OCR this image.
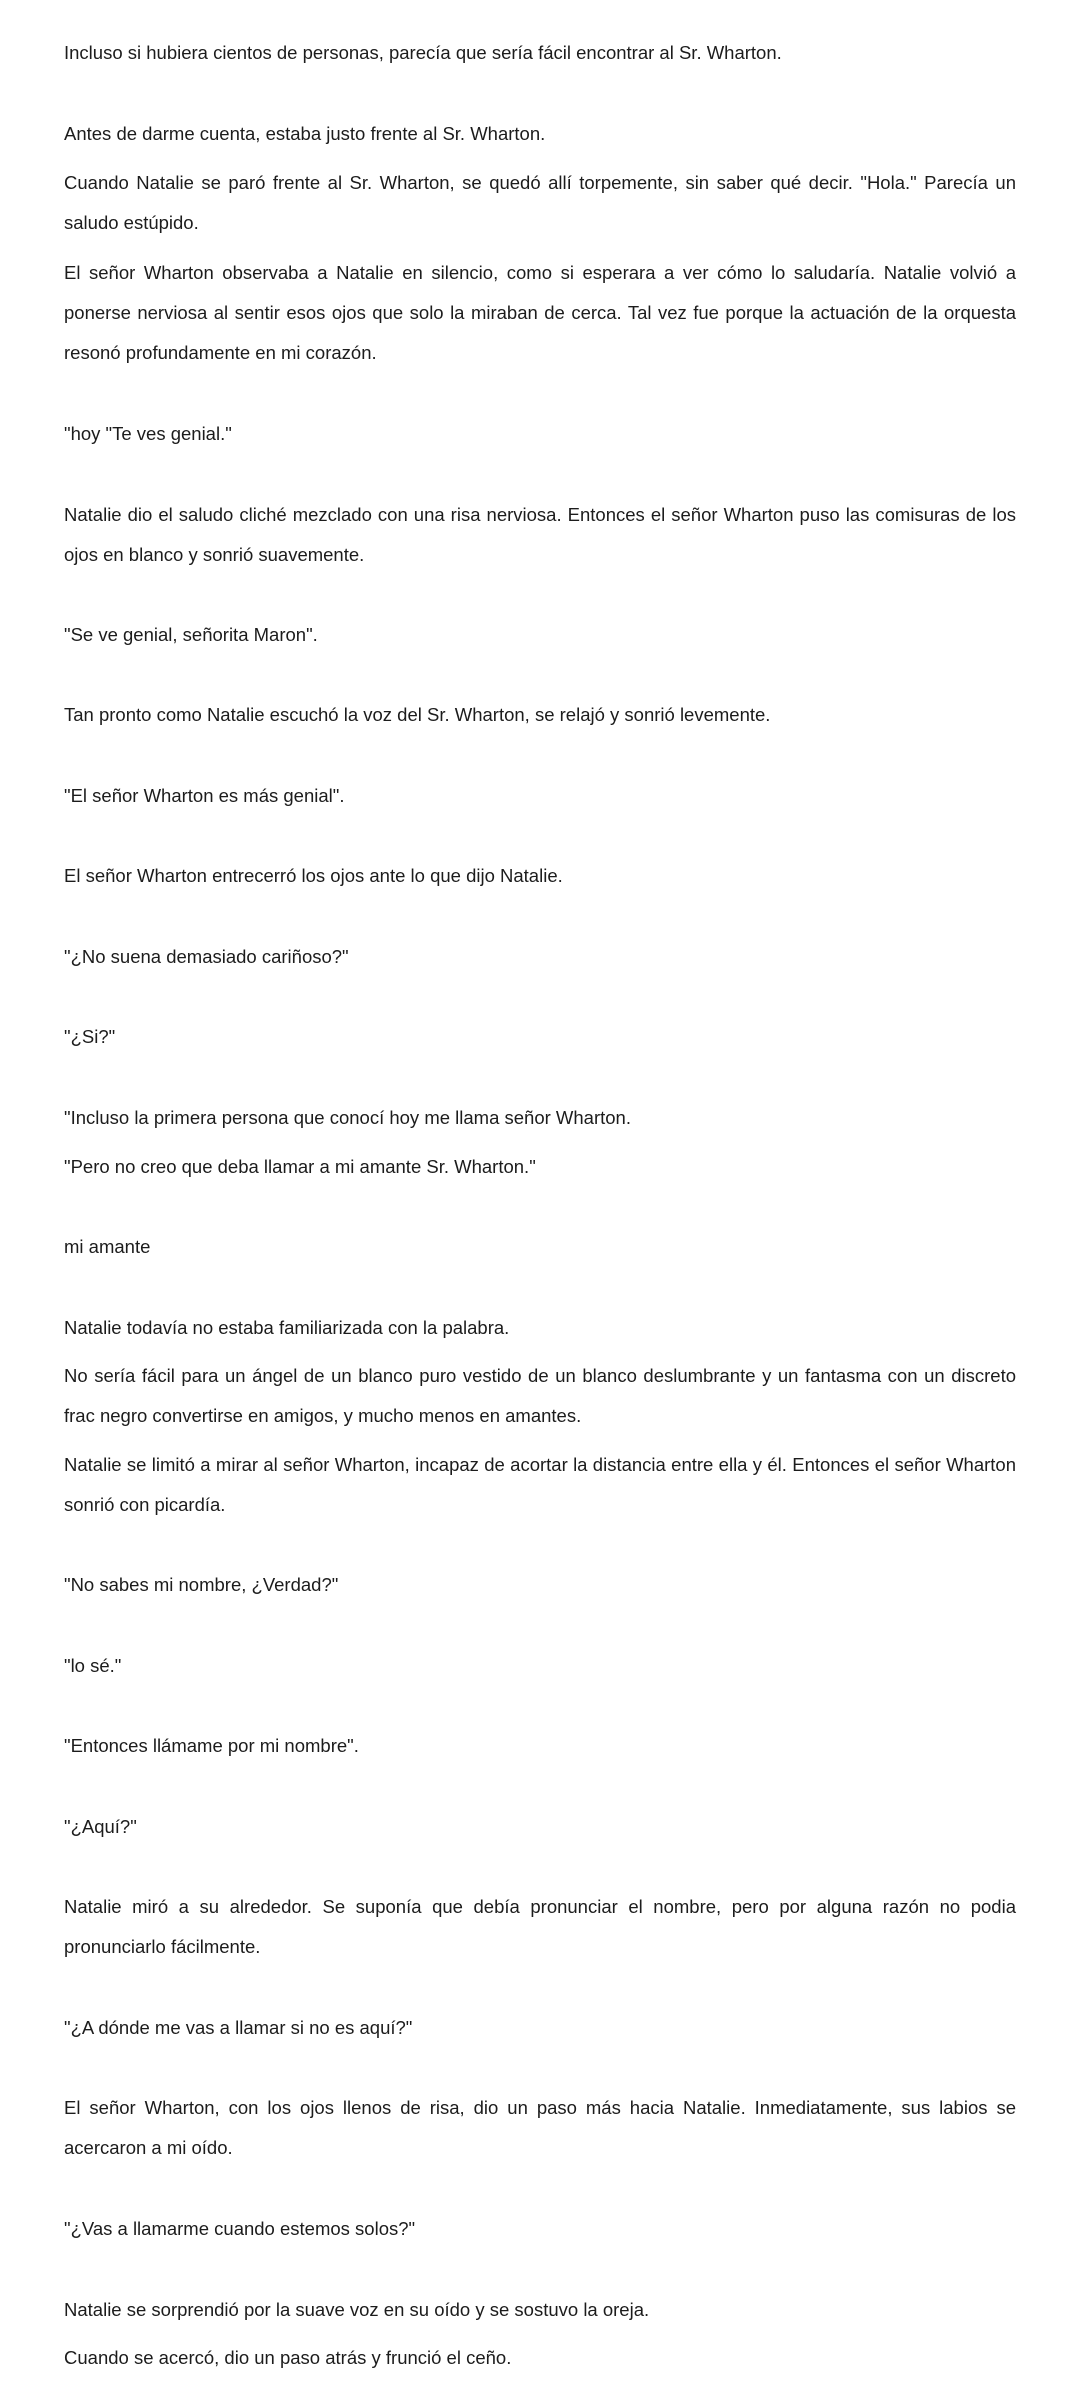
Incluso si hubiera cientos de personas, parecía que sería fácil encontrar al Sr. Wharton.

Antes de darme cuenta, estaba justo frente al Sr. Wharton.

Cuando Natalie se paró frente al Sr. Wharton, se quedó allí torpemente, sin saber qué decir. "Hola." Parecía un saludo estúpido.

El señor Wharton observaba a Natalie en silencio, como si esperara a ver cómo lo saludaría. Natalie volvió a ponerse nerviosa al sentir esos ojos que solo la miraban de cerca. Tal vez fue porque la actuación de la orquesta resonó profundamente en mi corazón.

"hoy "Te ves genial."

Natalie dio el saludo cliché mezclado con una risa nerviosa. Entonces el señor Wharton puso las comisuras de los ojos en blanco y sonrió suavemente.

"Se ve genial, señorita Maron".

Tan pronto como Natalie escuchó la voz del Sr. Wharton, se relajó y sonrió levemente.

"El señor Wharton es más genial".

El señor Wharton entrecerró los ojos ante lo que dijo Natalie.

"¿No suena demasiado cariñoso?"

"¿Si?"

"Incluso la primera persona que conocí hoy me llama señor Wharton.

"Pero no creo que deba llamar a mi amante Sr. Wharton."

mi amante

Natalie todavía no estaba familiarizada con la palabra.

No sería fácil para un ángel de un blanco puro vestido de un blanco deslumbrante y un fantasma con un discreto frac negro convertirse en amigos, y mucho menos en amantes.

Natalie se limitó a mirar al señor Wharton, incapaz de acortar la distancia entre ella y él. Entonces el señor Wharton sonrió con picardía.

"No sabes mi nombre, ¿Verdad?"

"lo sé."

"Entonces llámame por mi nombre".

"¿Aquí?"

Natalie miró a su alrededor. Se suponía que debía pronunciar el nombre, pero por alguna razón no podia pronunciarlo fácilmente.

"¿A dónde me vas a llamar si no es aquí?"

El señor Wharton, con los ojos llenos de risa, dio un paso más hacia Natalie. Inmediatamente, sus labios se acercaron a mi oído.

"¿Vas a llamarme cuando estemos solos?"

Natalie se sorprendió por la suave voz en su oído y se sostuvo la oreja.

Cuando se acercó, dio un paso atrás y frunció el ceño.
